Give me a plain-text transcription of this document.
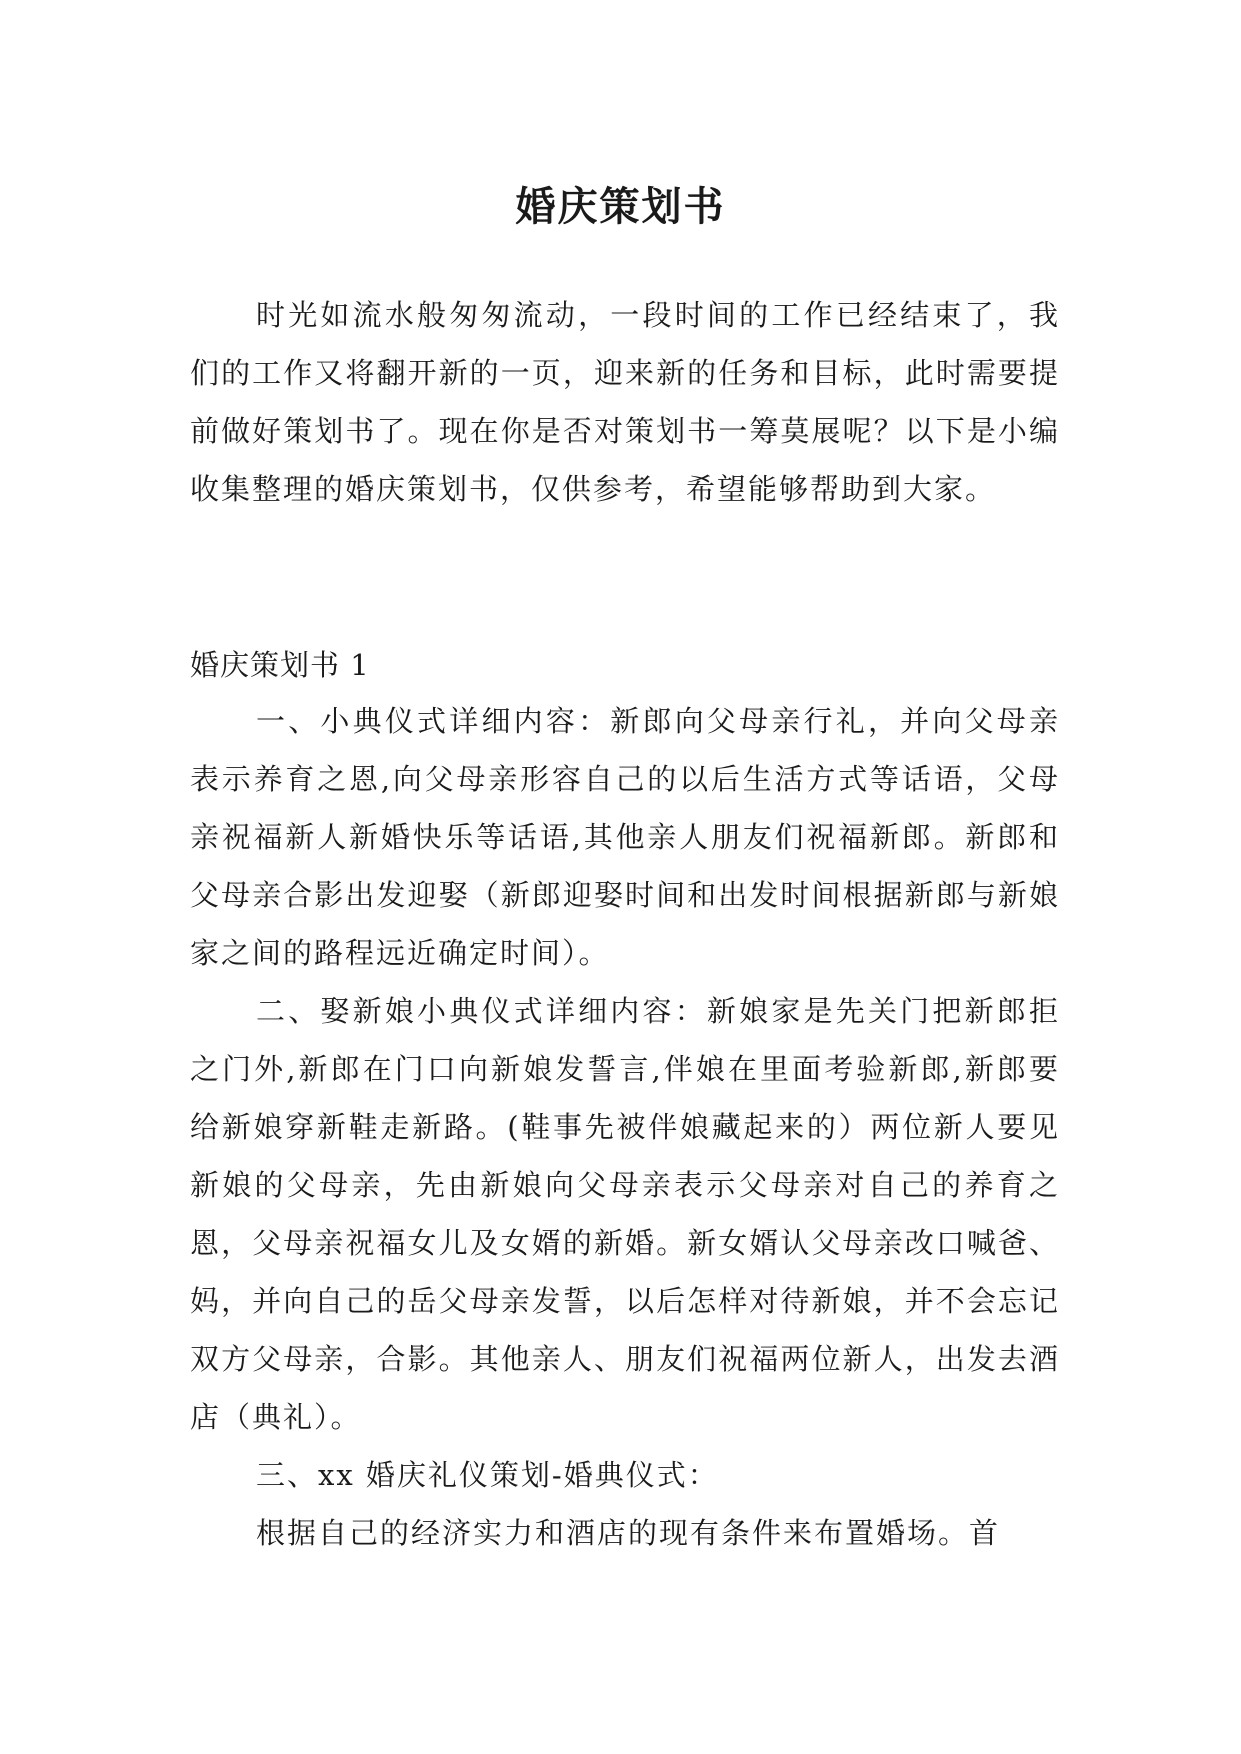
婚庆策划书

时光如流水般匆匆流动，一段时间的工作已经结束了，我们的工作又将翻开新的一页，迎来新的任务和目标，此时需要提前做好策划书了。现在你是否对策划书一筹莫展呢？以下是小编收集整理的婚庆策划书，仅供参考，希望能够帮助到大家。

婚庆策划书 1

一、小典仪式详细内容：新郎向父母亲行礼，并向父母亲表示养育之恩,向父母亲形容自己的以后生活方式等话语，父母亲祝福新人新婚快乐等话语,其他亲人朋友们祝福新郎。新郎和父母亲合影出发迎娶（新郎迎娶时间和出发时间根据新郎与新娘家之间的路程远近确定时间）。

二、娶新娘小典仪式详细内容：新娘家是先关门把新郎拒之门外,新郎在门口向新娘发誓言,伴娘在里面考验新郎,新郎要给新娘穿新鞋走新路。(鞋事先被伴娘藏起来的）两位新人要见新娘的父母亲，先由新娘向父母亲表示父母亲对自己的养育之恩，父母亲祝福女儿及女婿的新婚。新女婿认父母亲改口喊爸、妈，并向自己的岳父母亲发誓，以后怎样对待新娘，并不会忘记双方父母亲，合影。其他亲人、朋友们祝福两位新人，出发去酒店（典礼）。

三、xx 婚庆礼仪策划-婚典仪式：

根据自己的经济实力和酒店的现有条件来布置婚场。首
